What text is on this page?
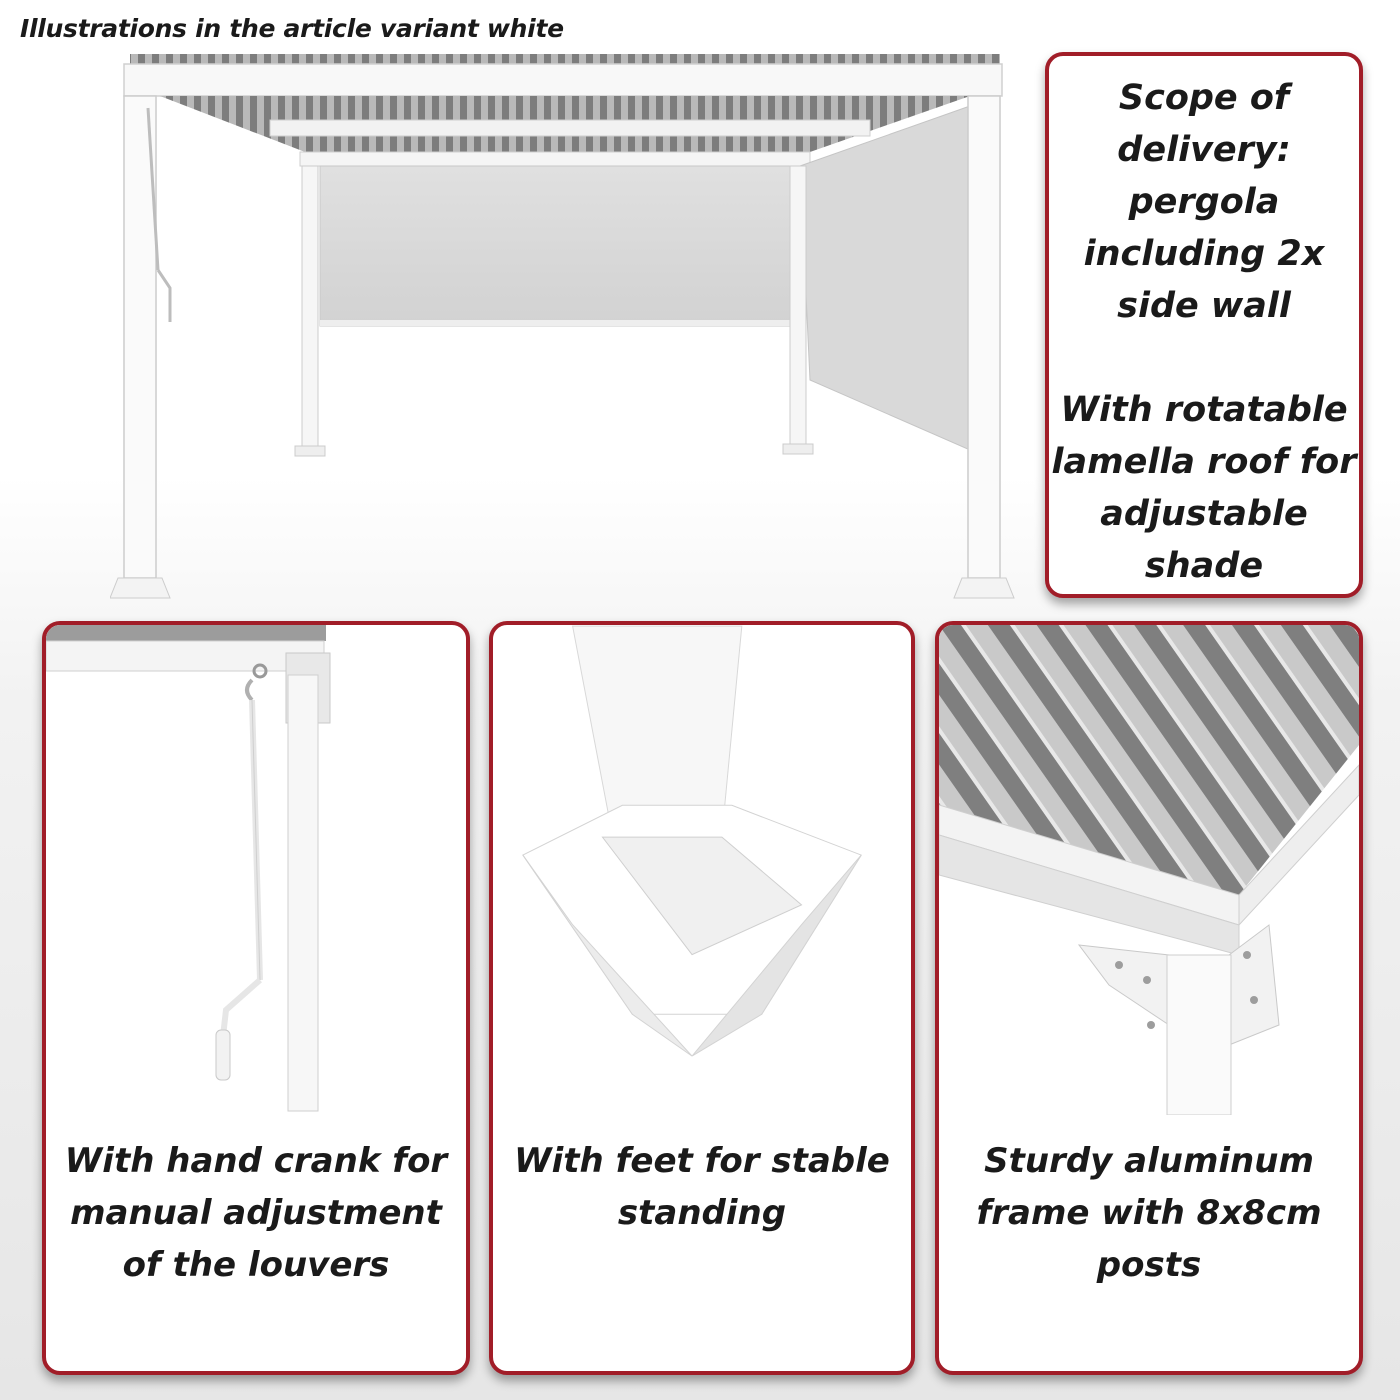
Illustrations in the article variant white
Scope of
delivery:
pergola
including 2x
side wall
With rotatable
lamella roof for
adjustable
shade
With hand crank for
manual adjustment
of the louvers
With feet for stable
standing
Sturdy aluminum
frame with 8x8cm
posts
